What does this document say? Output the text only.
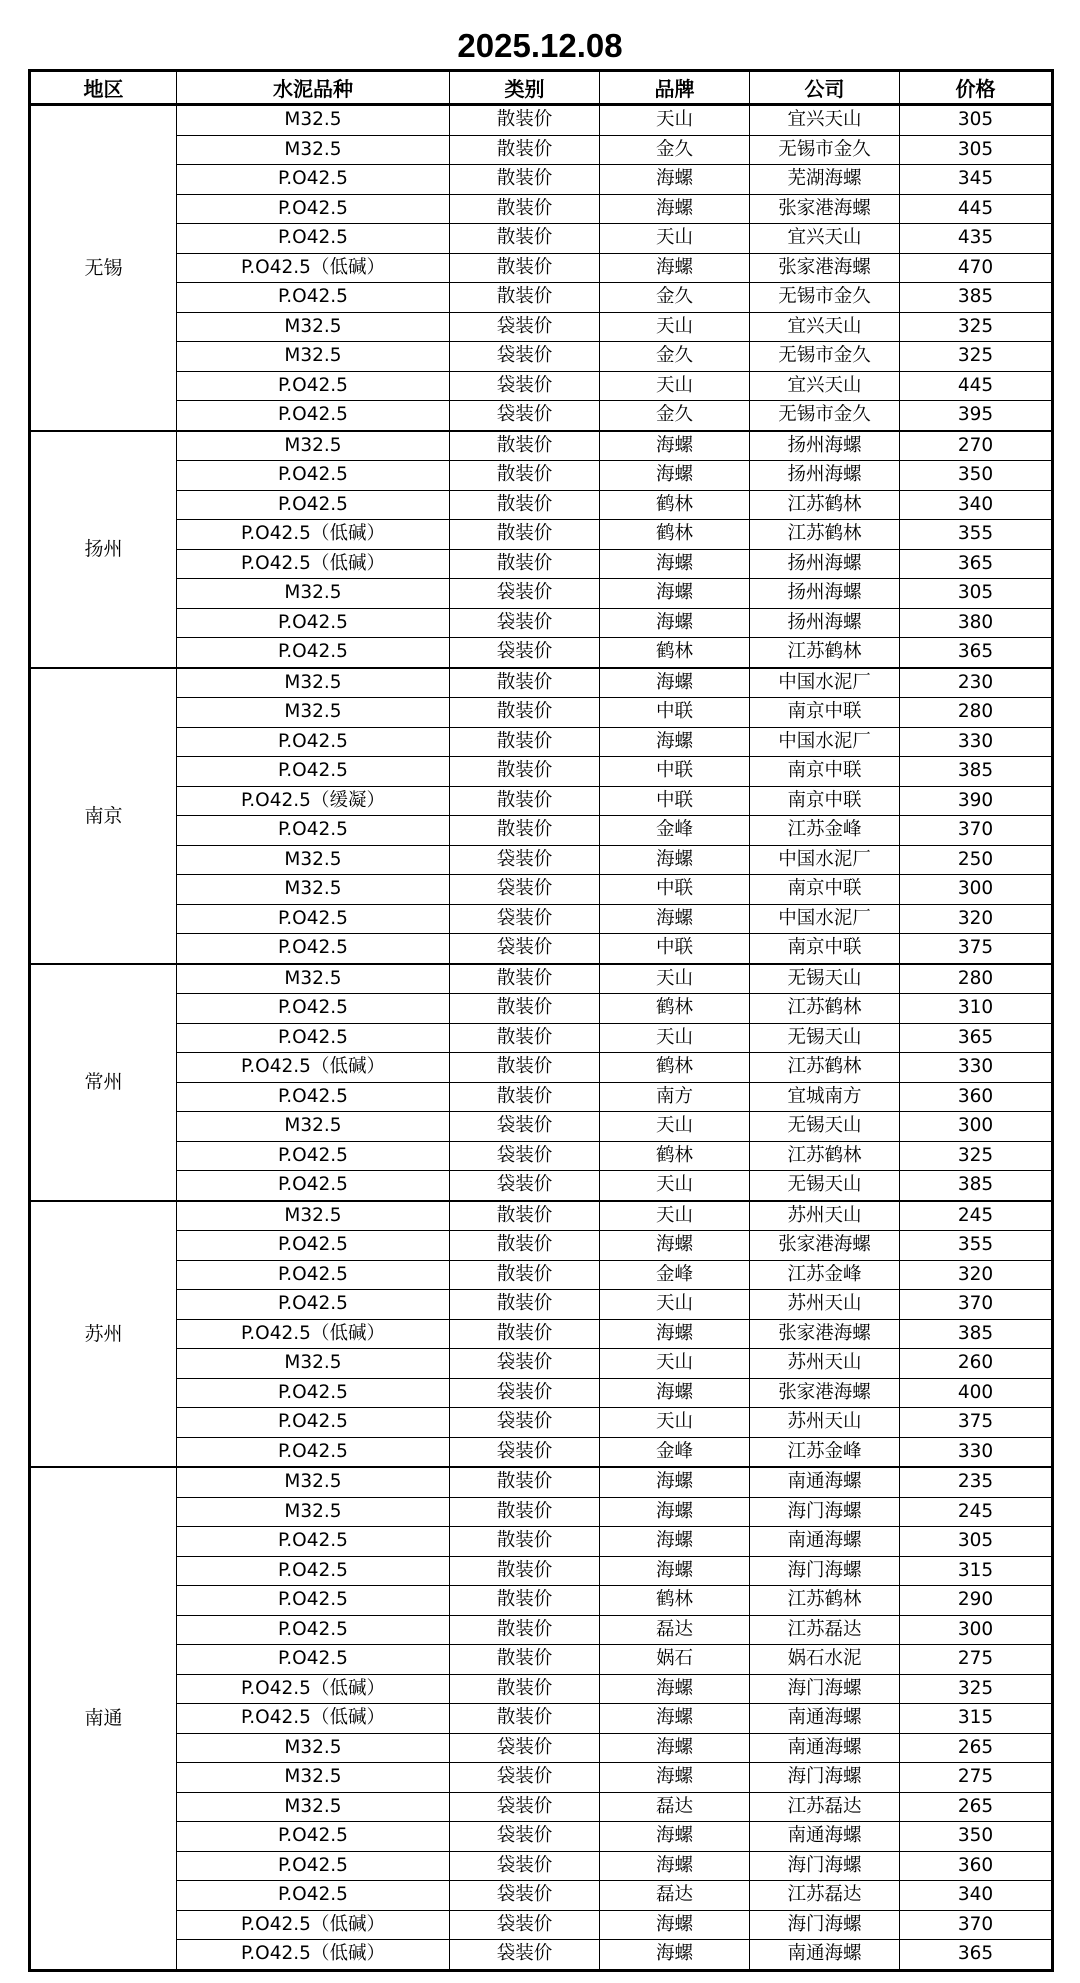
2025.12.08
地区	水泥品种	类别	品牌	公司	价格
无锡	M32.5	散装价	天山	宜兴天山	305
	M32.5	散装价	金久	无锡市金久	305
	P.O42.5	散装价	海螺	芜湖海螺	345
	P.O42.5	散装价	海螺	张家港海螺	445
	P.O42.5	散装价	天山	宜兴天山	435
	P.O42.5（低碱）	散装价	海螺	张家港海螺	470
	P.O42.5	散装价	金久	无锡市金久	385
	M32.5	袋装价	天山	宜兴天山	325
	M32.5	袋装价	金久	无锡市金久	325
	P.O42.5	袋装价	天山	宜兴天山	445
	P.O42.5	袋装价	金久	无锡市金久	395
扬州	M32.5	散装价	海螺	扬州海螺	270
	P.O42.5	散装价	海螺	扬州海螺	350
	P.O42.5	散装价	鹤林	江苏鹤林	340
	P.O42.5（低碱）	散装价	鹤林	江苏鹤林	355
	P.O42.5（低碱）	散装价	海螺	扬州海螺	365
	M32.5	袋装价	海螺	扬州海螺	305
	P.O42.5	袋装价	海螺	扬州海螺	380
	P.O42.5	袋装价	鹤林	江苏鹤林	365
南京	M32.5	散装价	海螺	中国水泥厂	230
	M32.5	散装价	中联	南京中联	280
	P.O42.5	散装价	海螺	中国水泥厂	330
	P.O42.5	散装价	中联	南京中联	385
	P.O42.5（缓凝）	散装价	中联	南京中联	390
	P.O42.5	散装价	金峰	江苏金峰	370
	M32.5	袋装价	海螺	中国水泥厂	250
	M32.5	袋装价	中联	南京中联	300
	P.O42.5	袋装价	海螺	中国水泥厂	320
	P.O42.5	袋装价	中联	南京中联	375
常州	M32.5	散装价	天山	无锡天山	280
	P.O42.5	散装价	鹤林	江苏鹤林	310
	P.O42.5	散装价	天山	无锡天山	365
	P.O42.5（低碱）	散装价	鹤林	江苏鹤林	330
	P.O42.5	散装价	南方	宜城南方	360
	M32.5	袋装价	天山	无锡天山	300
	P.O42.5	袋装价	鹤林	江苏鹤林	325
	P.O42.5	袋装价	天山	无锡天山	385
苏州	M32.5	散装价	天山	苏州天山	245
	P.O42.5	散装价	海螺	张家港海螺	355
	P.O42.5	散装价	金峰	江苏金峰	320
	P.O42.5	散装价	天山	苏州天山	370
	P.O42.5（低碱）	散装价	海螺	张家港海螺	385
	M32.5	袋装价	天山	苏州天山	260
	P.O42.5	袋装价	海螺	张家港海螺	400
	P.O42.5	袋装价	天山	苏州天山	375
	P.O42.5	袋装价	金峰	江苏金峰	330
南通	M32.5	散装价	海螺	南通海螺	235
	M32.5	散装价	海螺	海门海螺	245
	P.O42.5	散装价	海螺	南通海螺	305
	P.O42.5	散装价	海螺	海门海螺	315
	P.O42.5	散装价	鹤林	江苏鹤林	290
	P.O42.5	散装价	磊达	江苏磊达	300
	P.O42.5	散装价	娲石	娲石水泥	275
	P.O42.5（低碱）	散装价	海螺	海门海螺	325
	P.O42.5（低碱）	散装价	海螺	南通海螺	315
	M32.5	袋装价	海螺	南通海螺	265
	M32.5	袋装价	海螺	海门海螺	275
	M32.5	袋装价	磊达	江苏磊达	265
	P.O42.5	袋装价	海螺	南通海螺	350
	P.O42.5	袋装价	海螺	海门海螺	360
	P.O42.5	袋装价	磊达	江苏磊达	340
	P.O42.5（低碱）	袋装价	海螺	海门海螺	370
	P.O42.5（低碱）	袋装价	海螺	南通海螺	365
